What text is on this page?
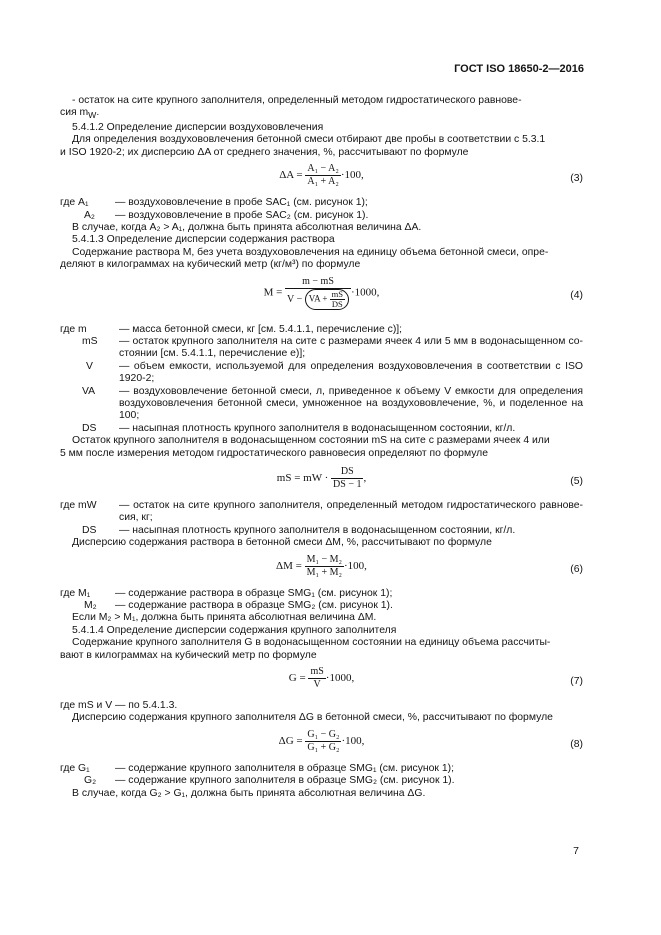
ГОСТ ISO 18650-2—2016

- остаток на сите крупного заполнителя, определенный методом гидростатического равнове-

сия $m_W$.

5.4.1.2 Определение дисперсии воздухововлечения

Для определения воздухововлечения бетонной смеси отбирают две пробы в соответствии с 5.3.1

и ISO 1920-2; их дисперсию ΔA от среднего значения, %, рассчитывают по формуле

$\Delta A = \frac{\text{A₁ − A₂}}{\text{A₁ + A₂}} \cdot 100$,	(3)
где A₁	— воздухововлечение в пробе SAC₁ (см. рисунок 1);
A₂	— воздухововлечение в пробе SAC₂ (см. рисунок 1).

В случае, когда A₂ > A₁, должна быть принята абсолютная величина ΔA.

5.4.1.3 Определение дисперсии содержания раствора

Содержание раствора M, без учета воздухововлечения на единицу объема бетонной смеси, опре-

деляют в килограммах на кубический метр (кг/м³) по формуле

$M = \frac{m - mS}{V - VA + \frac{mS}{DS}} \cdot 1000$,	(4)
где m	— масса бетонной смеси, кг [см. 5.4.1.1, перечисление с)];
mS	— остаток крупного заполнителя на сите с размерами ячеек 4 или 5 мм в водонасыщенном со-стоянии [см. 5.4.1.1, перечисление е)];
V	— объем емкости, используемой для определения воздухововлечения в соответствии с ISO 1920-2;
VA	— воздухововлечение бетонной смеси, л, приведенное к объему V емкости для определения воздухововлечения бетонной смеси, умноженное на воздухововлечение, %, и поделенное на 100;
DS	— насыпная плотность крупного заполнителя в водонасыщенном состоянии, кг/л.

Остаток крупного заполнителя в водонасыщенном состоянии mS на сите с размерами ячеек 4 или

5 мм после измерения методом гидростатического равновесия определяют по формуле

mS = mW · $\frac{DS}{DS - 1}$ ,	(5)
где mW	— остаток на сите крупного заполнителя, определенный методом гидростатического равнове-сия, кг;
DS	— насыпная плотность крупного заполнителя в водонасыщенном состоянии, кг/л.

Дисперсию содержания раствора в бетонной смеси ΔM, %, рассчитывают по формуле

$\Delta M = \frac{\text{M₁ − M₂}}{\text{M₁ + M₂}} \cdot 100$,	(6)
где M₁	— содержание раствора в образце SMG₁ (см. рисунок 1);
M₂	— содержание раствора в образце SMG₂ (см. рисунок 1).

Если M₂ > M₁, должна быть принята абсолютная величина ΔM.

5.4.1.4 Определение дисперсии содержания крупного заполнителя

Содержание крупного заполнителя G в водонасыщенном состоянии на единицу объема рассчиты-

вают в килограммах на кубический метр по формуле

$G = \frac{mS}{V} \cdot 1000$,	(7)

где mS и V — по 5.4.1.3.

Дисперсию содержания крупного заполнителя ΔG в бетонной смеси, %, рассчитывают по формуле

$\Delta G = \frac{\text{G₁ − G₂}}{\text{G₁ + G₂}} \cdot 100$,	(8)
где G₁	— содержание крупного заполнителя в образце SMG₁ (см. рисунок 1);
G₂	— содержание крупного заполнителя в образце SMG₂ (см. рисунок 1).

В случае, когда G₂ > G₁, должна быть принята абсолютная величина ΔG.

7
